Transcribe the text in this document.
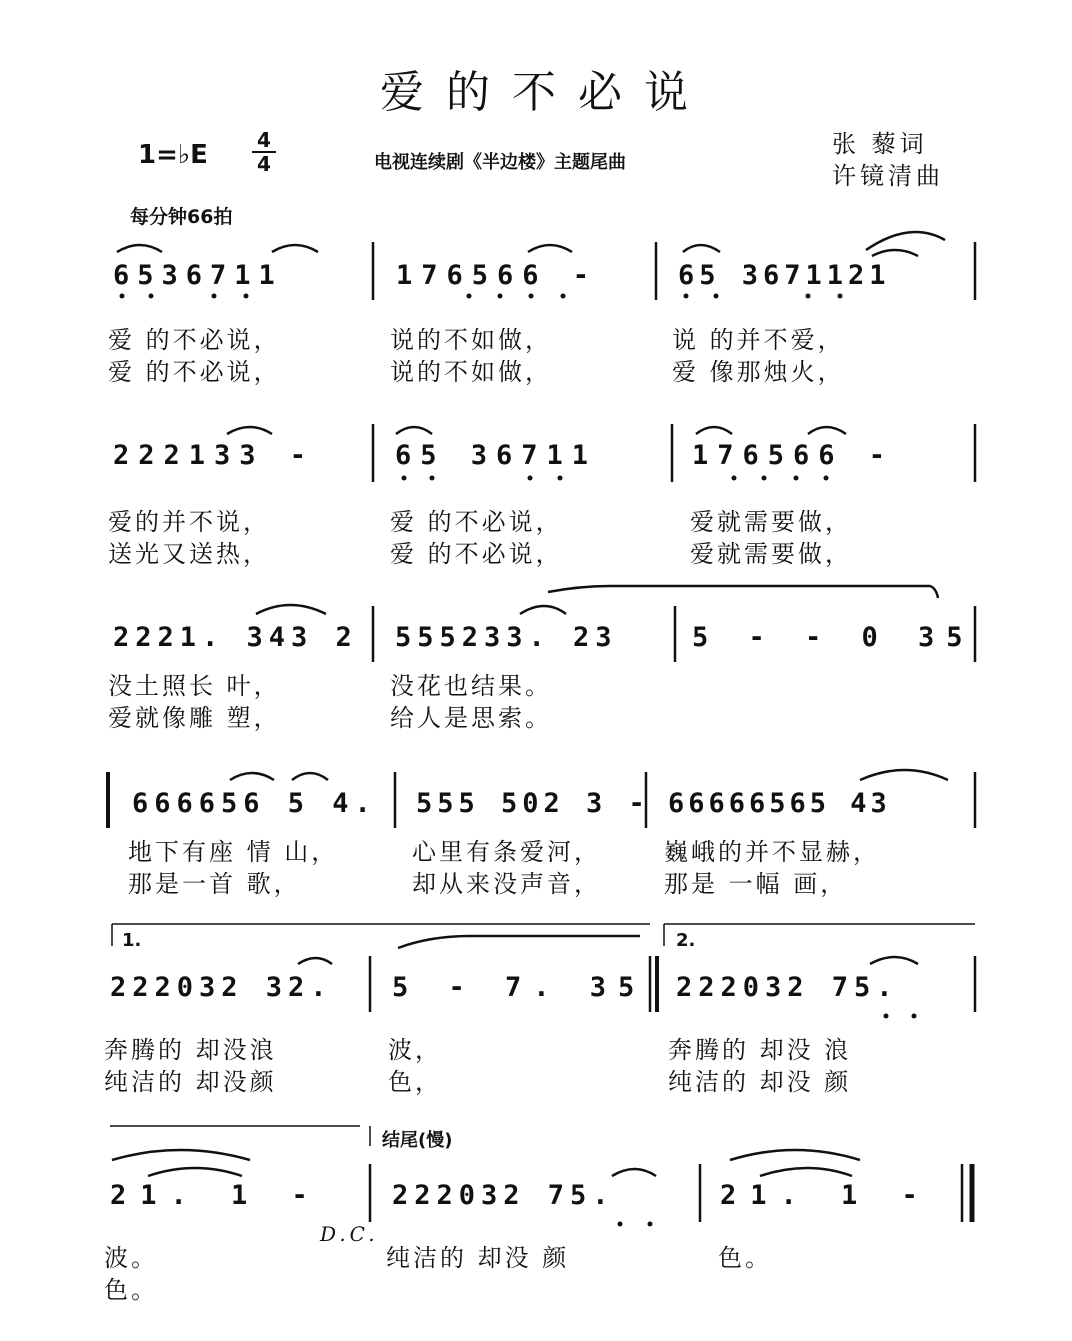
爱的不必说
1=♭E 4
4	电视连续剧《半边楼》主题尾曲
张 藜词
许镜清曲
每分钟66拍
6536711	176566 -	65 3671121
爱 的不必说，	说的不如做，	说 的并不爱，
爱 的不必说，	说的不如做，	爱 像那烛火，
222133 -	65 36711	176566 -
爱的并不说，	爱 的不必说，	爱就需要做，
送光又送热，	爱 的不必说，	爱就需要做，
2221. 343 2 555233. 23	5 - - 0 35
没土照长 叶，	没花也结果。
爱就像雕 塑，	给人是思索。
666656 5 4. 555 502 3 - 66666565 43
地下有座 情 山，	心里有条爱河，	巍峨的并不显赫，
那是一首 歌，	却从来没声音，	那是 一幅 画，
1.	2.
222032 32. 5 - 7. 35 222032 75.
奔腾的 却没浪	波，	奔腾的 却没 浪
纯洁的 却没颜	色，	纯洁的 却没 颜
结尾(慢)
D.C.
21. 1 -	222032 75.	21. 1 -
波。	纯洁的 却没 颜	色。
色。
